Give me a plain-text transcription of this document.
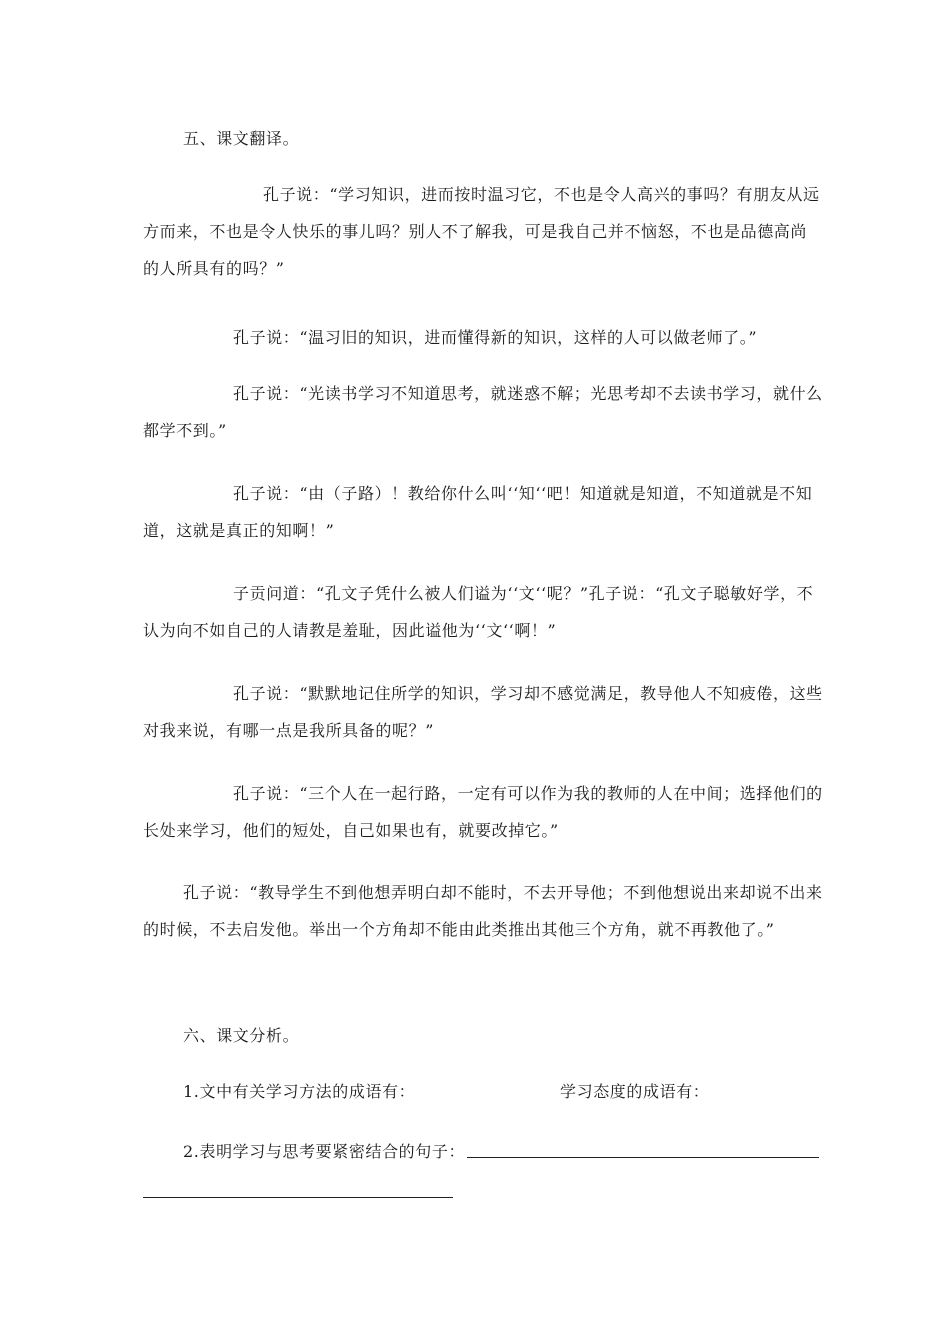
五、课文翻译。

孔子说：“学习知识，进而按时温习它，不也是令人高兴的事吗？有朋友从远方而来，不也是令人快乐的事儿吗？别人不了解我，可是我自己并不恼怒，不也是品德高尚的人所具有的吗？”

孔子说：“温习旧的知识，进而懂得新的知识，这样的人可以做老师了。”

孔子说：“光读书学习不知道思考，就迷惑不解；光思考却不去读书学习，就什么都学不到。”

孔子说：“由（子路）！教给你什么叫‘‘知‘‘吧！知道就是知道，不知道就是不知道，这就是真正的知啊！”

子贡问道：“孔文子凭什么被人们谥为‘‘文‘‘呢？”孔子说：“孔文子聪敏好学，不认为向不如自己的人请教是羞耻，因此谥他为‘‘文‘‘啊！”

孔子说：“默默地记住所学的知识，学习却不感觉满足，教导他人不知疲倦，这些对我来说，有哪一点是我所具备的呢？”

孔子说：“三个人在一起行路，一定有可以作为我的教师的人在中间；选择他们的长处来学习，他们的短处，自己如果也有，就要改掉它。”

孔子说：“教导学生不到他想弄明白却不能时，不去开导他；不到他想说出来却说不出来的时候，不去启发他。举出一个方角却不能由此类推出其他三个方角，就不再教他了。”

六、课文分析。

1.文中有关学习方法的成语有：	学习态度的成语有：
2.表明学习与思考要紧密结合的句子：
